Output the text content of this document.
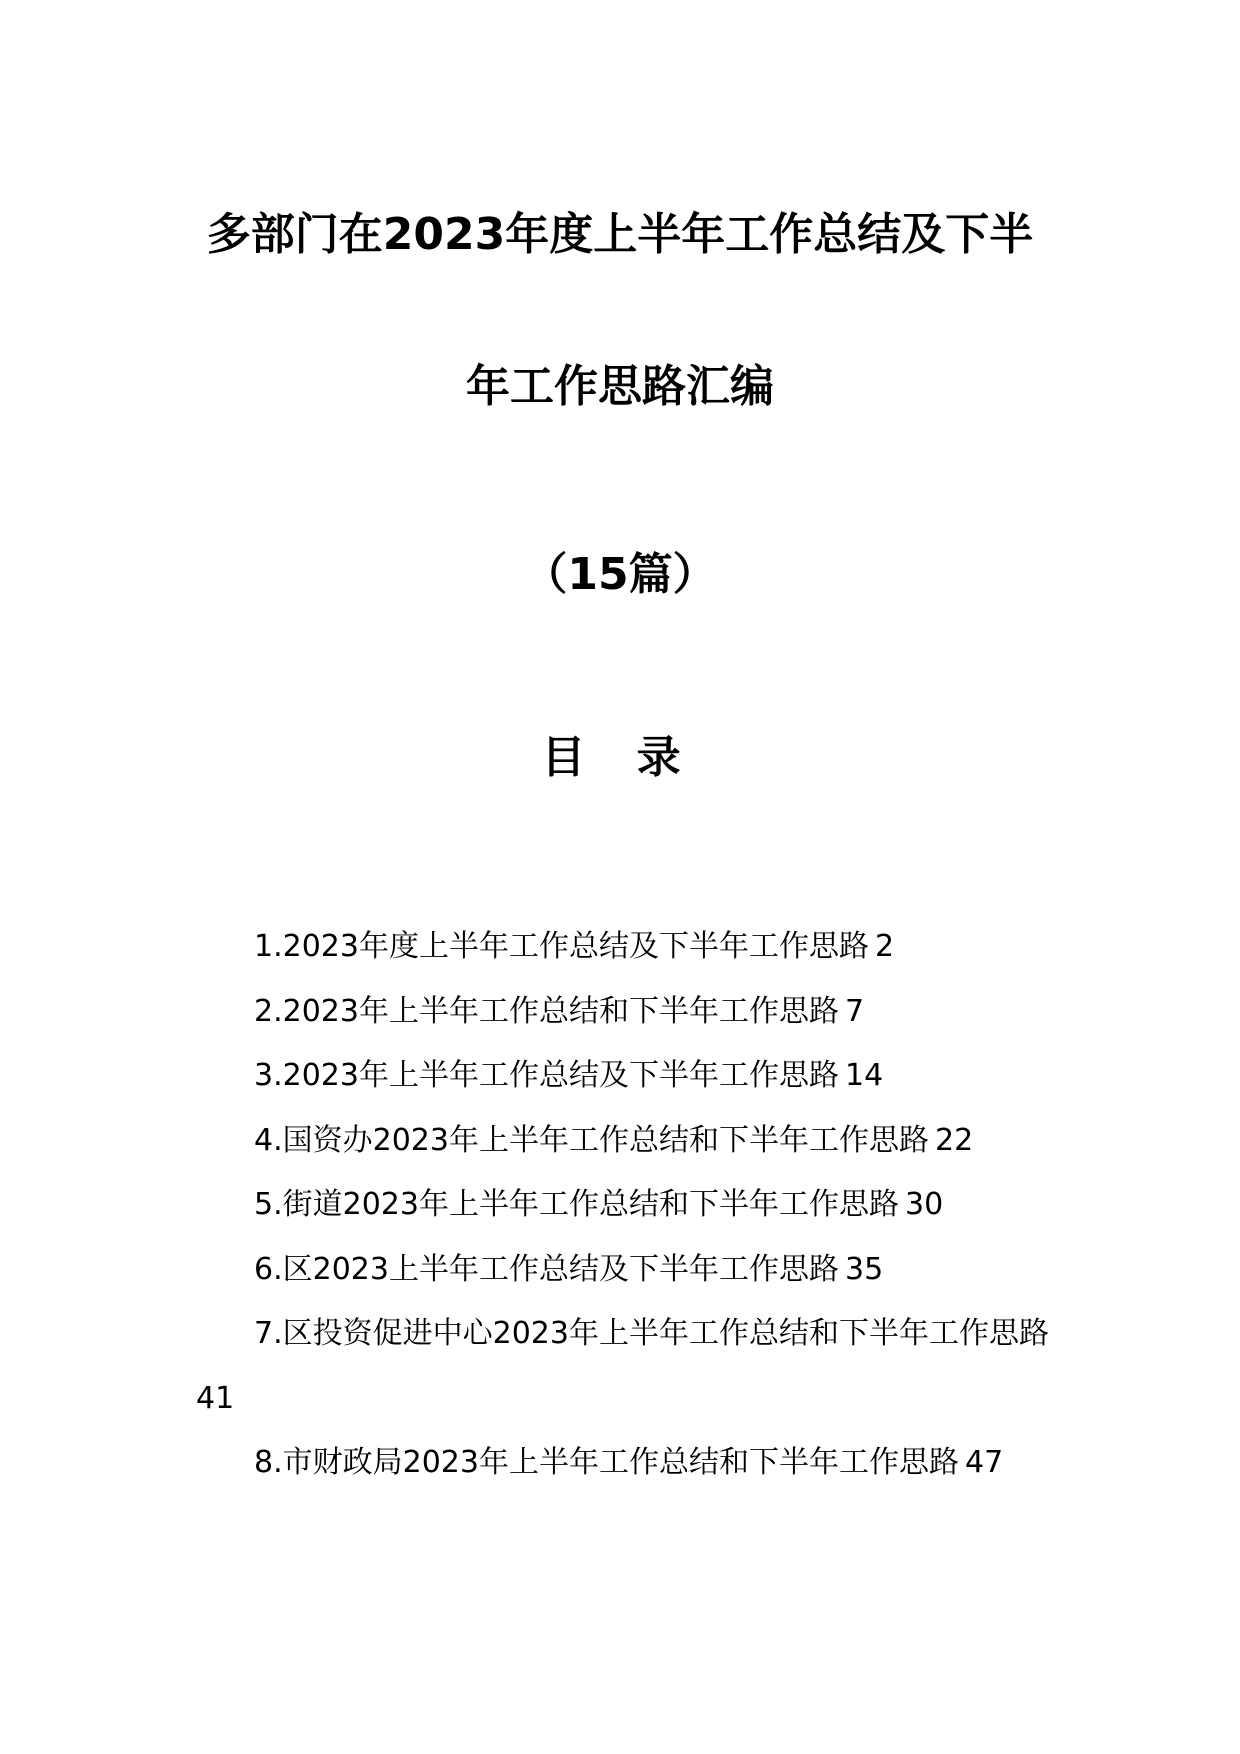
多部门在2023年度上半年工作总结及下半
年工作思路汇编
（15篇）
目 录
1.2023年度上半年工作总结及下半年工作思路 2
2.2023年上半年工作总结和下半年工作思路 7
3.2023年上半年工作总结及下半年工作思路 14
4.国资办2023年上半年工作总结和下半年工作思路 22
5.街道2023年上半年工作总结和下半年工作思路 30
6.区2023上半年工作总结及下半年工作思路 35
7.区投资促进中心2023年上半年工作总结和下半年工作思路41
8.市财政局2023年上半年工作总结和下半年工作思路 47
